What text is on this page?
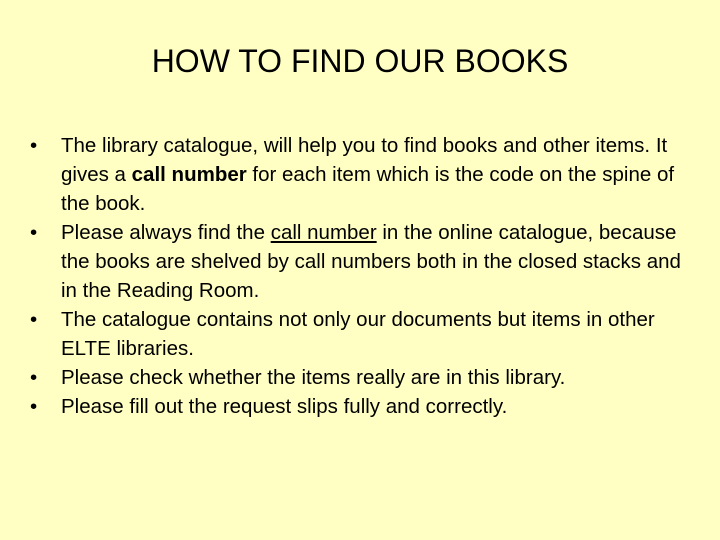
HOW TO FIND OUR BOOKS
•	The library catalogue, will help you to find books and other items. It gives a call number for each item which is the code on the spine of the book.
•	Please always find the call number in the online catalogue, because the books are shelved by call numbers both in the closed stacks and in the Reading Room.
•	The catalogue contains not only our documents but items in other ELTE libraries.
•	Please check whether the items really are in this library.
•	Please fill out the request slips fully and correctly.
